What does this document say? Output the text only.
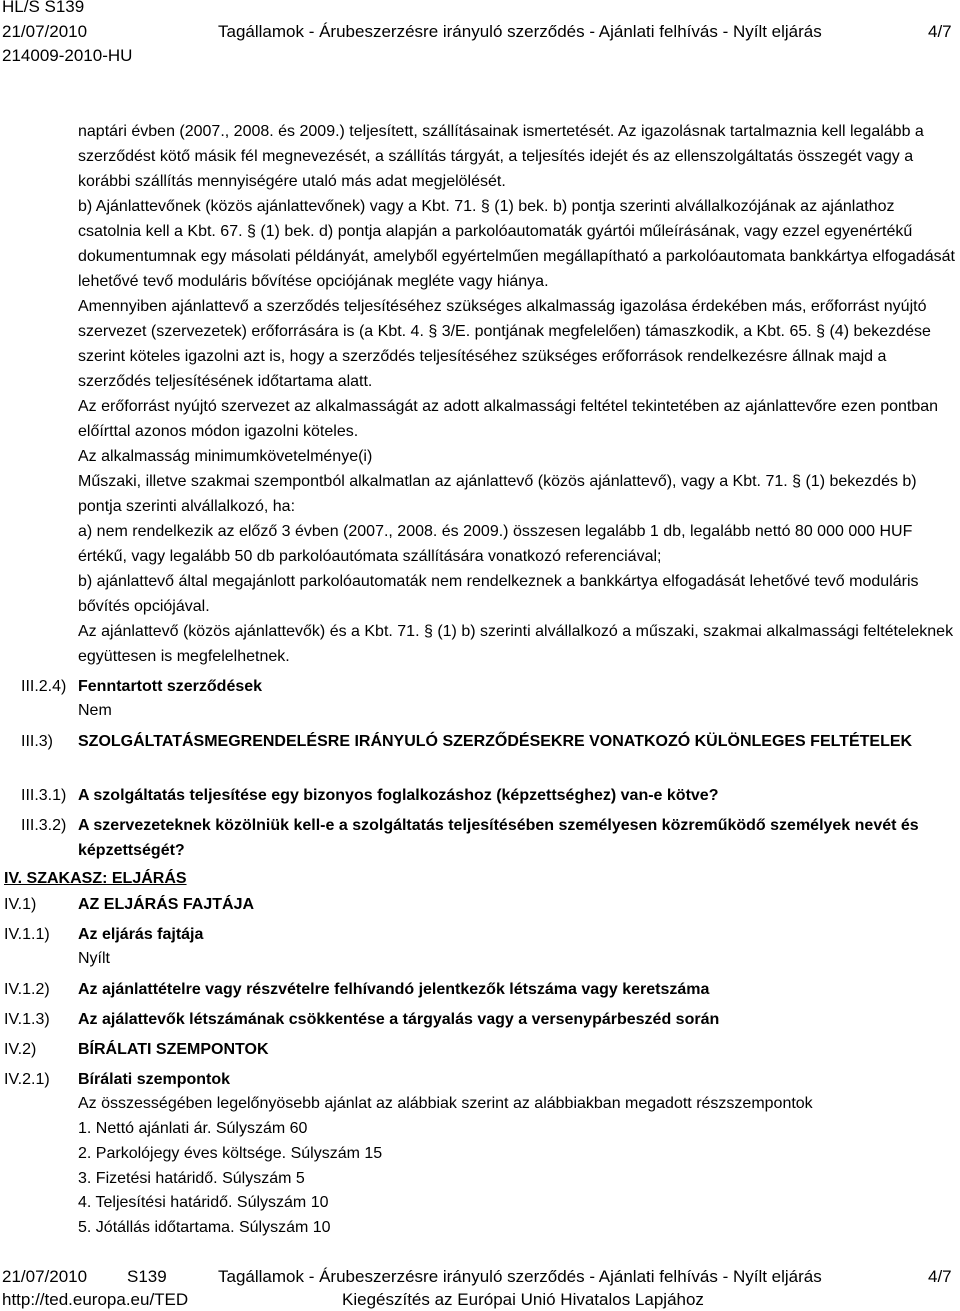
HL/S S139
21/07/2010	Tagállamok - Árubeszerzésre irányuló szerződés - Ajánlati felhívás - Nyílt eljárás	4/7
214009-2010-HU
naptári évben (2007., 2008. és 2009.) teljesített, szállításainak ismertetését. Az igazolásnak tartalmaznia kell legalább a szerződést kötő másik fél megnevezését, a szállítás tárgyát, a teljesítés idejét és az ellenszolgáltatás összegét vagy a korábbi szállítás mennyiségére utaló más adat megjelölését.
b) Ajánlattevőnek (közös ajánlattevőnek) vagy a Kbt. 71. § (1) bek. b) pontja szerinti alvállalkozójának az ajánlathoz csatolnia kell a Kbt. 67. § (1) bek. d) pontja alapján a parkolóautomaták gyártói műleírásának, vagy ezzel egyenértékű dokumentumnak egy másolati példányát, amelyből egyértelműen megállapítható a parkolóautomata bankkártya elfogadását lehetővé tevő moduláris bővítése opciójának megléte vagy hiánya.
Amennyiben ajánlattevő a szerződés teljesítéséhez szükséges alkalmasság igazolása érdekében más, erőforrást nyújtó szervezet (szervezetek) erőforrására is (a Kbt. 4. § 3/E. pontjának megfelelően) támaszkodik, a Kbt. 65. § (4) bekezdése szerint köteles igazolni azt is, hogy a szerződés teljesítéséhez szükséges erőforrások rendelkezésre állnak majd a szerződés teljesítésének időtartama alatt.
Az erőforrást nyújtó szervezet az alkalmasságát az adott alkalmassági feltétel tekintetében az ajánlattevőre ezen pontban előírttal azonos módon igazolni köteles.
Az alkalmasság minimumkövetelménye(i)
Műszaki, illetve szakmai szempontból alkalmatlan az ajánlattevő (közös ajánlattevő), vagy a Kbt. 71. § (1) bekezdés b) pontja szerinti alvállalkozó, ha:
a) nem rendelkezik az előző 3 évben (2007., 2008. és 2009.) összesen legalább 1 db, legalább nettó 80 000 000 HUF értékű, vagy legalább 50 db parkolóautómata szállítására vonatkozó referenciával;
b) ajánlattevő által megajánlott parkolóautomaták nem rendelkeznek a bankkártya elfogadását lehetővé tevő moduláris bővítés opciójával.
Az ajánlattevő (közös ajánlattevők) és a Kbt. 71. § (1) b) szerinti alvállalkozó a műszaki, szakmai alkalmassági feltételeknek együttesen is megfelelhetnek.
III.2.4) Fenntartott szerződések
Nem
III.3) SZOLGÁLTATÁSMEGRENDELÉSRE IRÁNYULÓ SZERZŐDÉSEKRE VONATKOZÓ KÜLÖNLEGES FELTÉTELEK
III.3.1) A szolgáltatás teljesítése egy bizonyos foglalkozáshoz (képzettséghez) van-e kötve?
III.3.2) A szervezeteknek közölniük kell-e a szolgáltatás teljesítésében személyesen közreműködő személyek nevét és képzettségét?
IV. SZAKASZ: ELJÁRÁS
IV.1)	AZ ELJÁRÁS FAJTÁJA
IV.1.1) Az eljárás fajtája
Nyílt
IV.1.2) Az ajánlattételre vagy részvételre felhívandó jelentkezők létszáma vagy keretszáma
IV.1.3) Az ajálattevők létszámának csökkentése a tárgyalás vagy a versenypárbeszéd során
IV.2)	BÍRÁLATI SZEMPONTOK
IV.2.1) Bírálati szempontok
Az összességében legelőnyösebb ajánlat az alábbiak szerint az alábbiakban megadott részszempontok
1. Nettó ajánlati ár. Súlyszám 60
2. Parkolójegy éves költsége. Súlyszám 15
3. Fizetési határidő. Súlyszám 5
4. Teljesítési határidő. Súlyszám 10
5. Jótállás időtartama. Súlyszám 10
21/07/2010 S139	Tagállamok - Árubeszerzésre irányuló szerződés - Ajánlati felhívás - Nyílt eljárás	4/7
http://ted.europa.eu/TED	Kiegészítés az Európai Unió Hivatalos Lapjához
